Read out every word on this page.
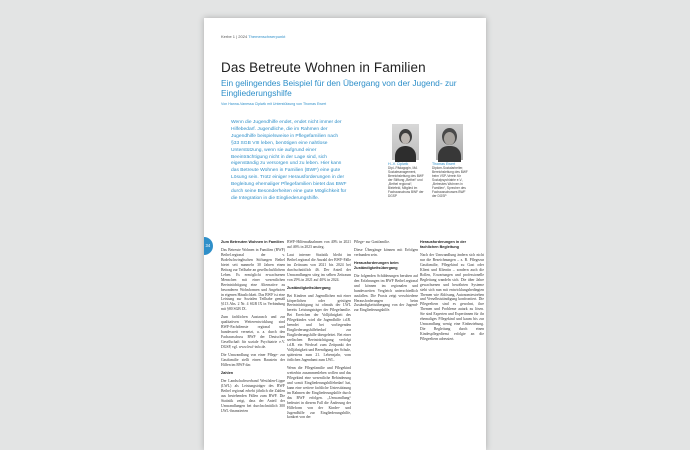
Kerbe 1 | 2024 Themenschwerpunkt
Das Betreute Wohnen in Familien
Ein gelingendes Beispiel für den Übergang von der Jugend- zur Eingliederungshilfe
Von Hanna-Vanessa Ciplwik mit Unterstützung von Thomas Ewert

Wenn die Jugendhilfe endet, endet nicht immer der Hilfebedarf. Jugendliche, die im Rahmen der Jugendhilfe beispielsweise in Pflegefamilien nach §33 SGB VIII leben, benötigen eine nahtlose Unterstützung, wenn sie aufgrund einer Beeinträchtigung nicht in der Lage sind, sich eigenständig zu versorgen und zu leben. Hier kann das Betreute Wohnen in Familien (BWF) eine gute Lösung sein. Trotz einiger Herausforderungen in der Begleitung ehemaliger Pflegefamilien bietet das BWF durch seine Besonderheiten eine gute Möglichkeit für die Integration in die Eingliederungshilfe.

H.-V. Ciplwik
Dipl.-Pädagogin, MA Sozialmanagement, Bereichsleitung des BWF der Stiftung „Bethel“ und „Bethel regional“, Bielefeld, Mitglied im Fachausschuss BWF der DGSP
Thomas Ewert
Diplom-Sozialarbeiter, Bereichsleitung des BWF beim VSP-Verein für Sozialpsychiatrie e.V., „Betreutes Wohnen in Familien“, Sprecher des Fachausschusses BWF der DGSP
34

Zum Betreuten Wohnen in Familien

Das Betreute Wohnen in Familien (BWF) Bethel.regional der v. Bodelschwinghschen Stiftungen Bethel bietet seit nunmehr 30 Jahren einen Beitrag zur Teilhabe an gesellschaftlichem Leben. Es ermöglicht erwachsenen Menschen mit einer wesentlichen Beeinträchtigung eine Alternative zu besonderen Wohnformen und Angeboten in eigenen Häuslichkeit. Das BWF ist eine Leistung zur Sozialen Teilhabe gemäß §113 Abs. 2 Nr. 4 SGB IX in Verbindung mit §80 SGB IX.

Zum fachlichen Austausch und zur qualitativen Weiterentwicklung sind BWF-Fachdienste regional und bundesweit vernetzt, u. a. durch den Fachausschuss BWF der Deutschen Gesellschaft für soziale Psychiatrie e.V. DGSP, vgl. www.bwf-info.de.

Die Umwandlung von einer Pflege- zur Gastfamilie stellt einen Baustein der Hilfen im BWF dar.

Zahlen

Der Landschaftsverband Westfalen-Lippe (LWL) als Leistungsträger des BWF Bethel regional erhebt jährlich die Zahlen aus bestehenden Fällen zum BWF. Die Statistik zeigt, dass der Anteil der Umwandlungen bei durchschnittlich 300 LWL-finanzierten

BWF-Hilfemaßnahmen von 40% in 2021 auf 46% in 2023 anstieg.

Laut interner Statistik bleibt im Bethel.regional die Anzahl der BWF-Fälle im Zeitraum von 2021 bis 2024 bei durchschnittlich 46. Der Anteil der Umwandlungen stieg im selben Zeitraum von 29% in 2021 auf 40% in 2024.

Zuständigkeitsübergang

Bei Kindern und Jugendlichen mit einer körperlichen oder geistigen Beeinträchtigung ist oftmals der LWL bereits Leistungsträger der Pflegefamilie. Bei Erreichen der Volljährigkeit des Pflegekindes wird die Jugendhilfe i.d.R. beendet und bei vorliegenden Eingliederungshilfebedarf zur Eingliederungshilfe übergeleitet. Bei einer seelischen Beeinträchtigung verfolgt i.d.R. ein Wechsel zum Zeitpunkt der Volljährigkeit und Beendigung der Schule, spätestens zum 21. Lebensjahr, vom örtlichen Jugendamt zum LWL.

Wenn die Pflegefamilie und Pflegekind weiterhin zusammenleben wollen und das Pflegekind eine wesentliche Behinderung und somit Eingliederungshilfebedarf hat, kann eine weitere fachliche Unterstützung im Rahmen der Eingliederungshilfe durch das BWF erfolgen. „Umwandlung“ bedeutet in diesem Fall die Änderung der Hilfeform von der Kinder- und Jugendhilfe zur Eingliederungshilfe, konkret von der

Pflege- zur Gastfamilie.

Diese Übergänge können mit Erfolgen verbunden sein.

Herausforderungen beim Zuständigkeitsübergang

Die folgenden Schilderungen beruhen auf den Erfahrungen im BWF Bethel.regional und können im regionalen und bundesweiten Vergleich unterschiedlich ausfallen. Die Praxis zeigt verschiedene Herausforderungen beim Zuständigkeitsübergang von der Jugend- zur Eingliederungshilfe.

Herausforderungen in der fachlichen Begleitung

Nach der Umwandlung ändern sich nicht nur die Bezeichnungen – z. B. Pflegezur Gastfamilie, Pflegekind zu Gast oder Klient und Klientin – sondern auch die Rollen, Erwartungen und professionelle Begleitung wandeln sich. Die über Jahre gewachsenen und bewährten Systeme sieht sich nun mit entwicklungsbedingten Themen wie Ablösung, Autonomiestreben und Verselbstständigung konfrontiert. Die Pflegeeltern sind es gewohnt, ihre Themen und Probleme autark zu lösen. Sie sind Experten und Expertinnen für ihr ehemaliges Pflegekind und kaum bis zur Umwandlung wenig eine Einbeziehung. Die Begleitung durch einen Kindespflegedienst erfolgte an die Pflegeeltern adressiert.
